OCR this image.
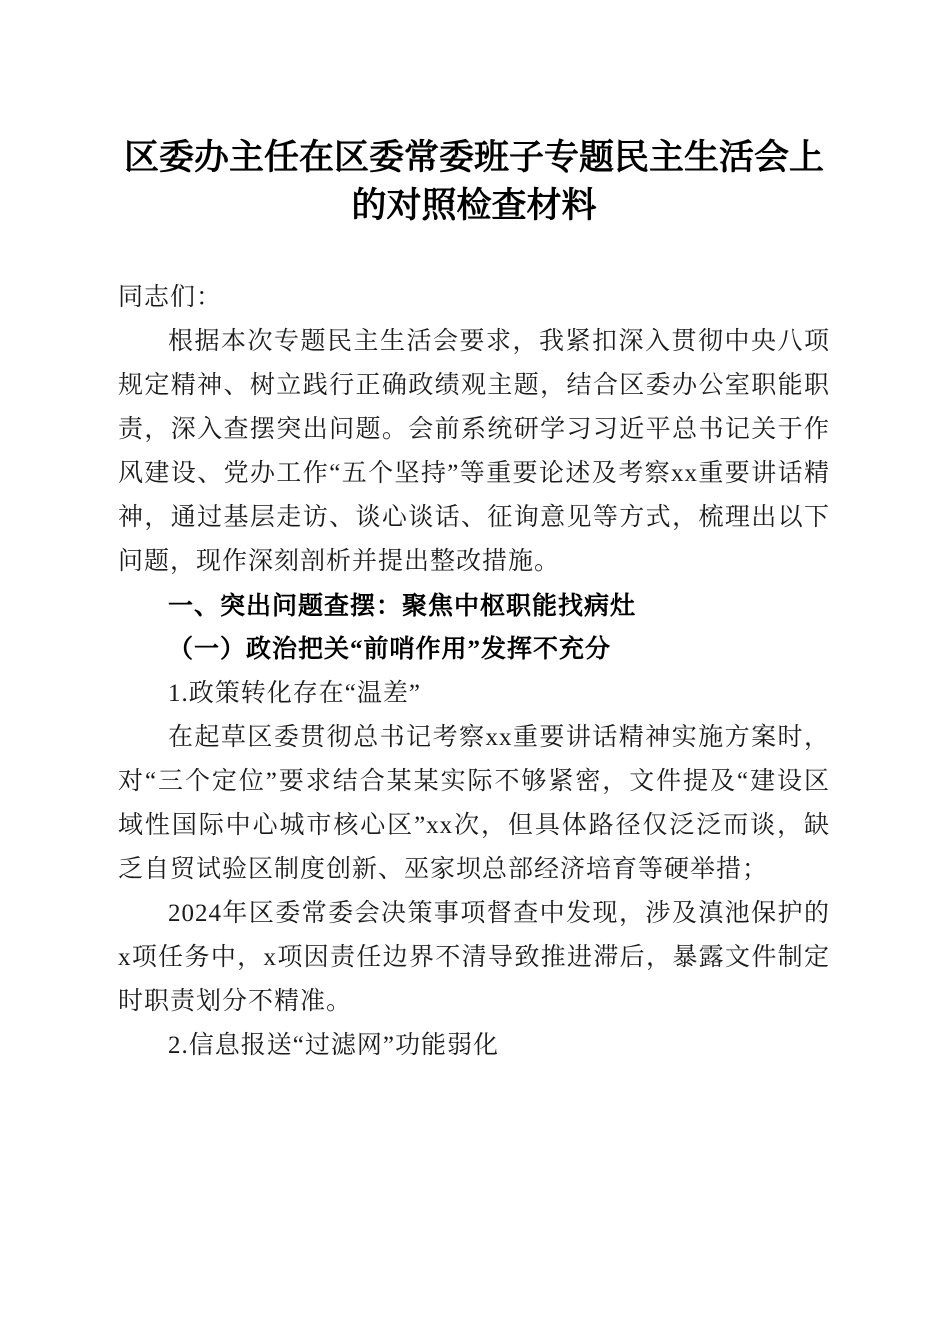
区委办主任在区委常委班子专题民主生活会上的对照检查材料

同志们：

根据本次专题民主生活会要求，我紧扣深入贯彻中央八项规定精神、树立践行正确政绩观主题，结合区委办公室职能职责，深入查摆突出问题。会前系统研学习习近平总书记关于作风建设、党办工作“五个坚持”等重要论述及考察xx重要讲话精神，通过基层走访、谈心谈话、征询意见等方式，梳理出以下问题，现作深刻剖析并提出整改措施。

一、突出问题查摆：聚焦中枢职能找病灶

（一）政治把关“前哨作用”发挥不充分

1.政策转化存在“温差”

在起草区委贯彻总书记考察xx重要讲话精神实施方案时，对“三个定位”要求结合某某实际不够紧密，文件提及“建设区域性国际中心城市核心区”xx次，但具体路径仅泛泛而谈，缺乏自贸试验区制度创新、巫家坝总部经济培育等硬举措；

2024年区委常委会决策事项督查中发现，涉及滇池保护的x项任务中，x项因责任边界不清导致推进滞后，暴露文件制定时职责划分不精准。

2.信息报送“过滤网”功能弱化
